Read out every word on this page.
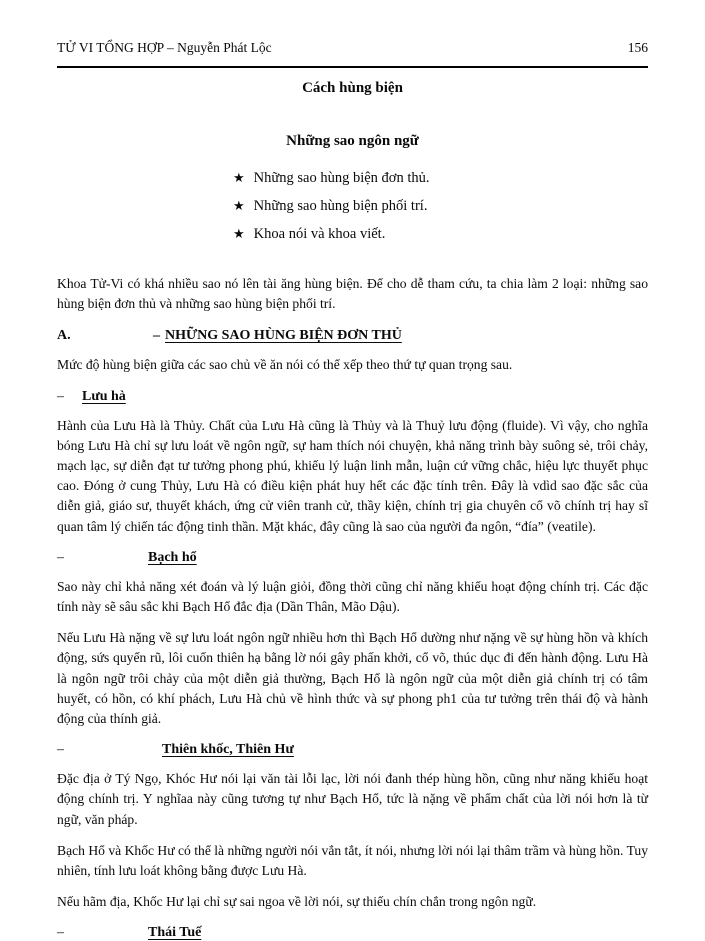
TỬ VI TỔNG HỢP – Nguyễn Phát Lộc	156
Cách hùng biện
Những sao ngôn ngữ
★ Những sao hùng biện đơn thủ.
★ Những sao hùng biện phối trí.
★ Khoa nói và khoa viết.

Khoa Tử-Vi có khá nhiều sao nó lên tài ăng hùng biện. Để cho dễ tham cứu, ta chia làm 2 loại: những sao hùng biện đơn thủ và những sao hùng biện phối trí.

A.	– NHỮNG SAO HÙNG BIỆN ĐƠN THỦ

Mức độ hùng biện giữa các sao chủ về ăn nói có thể xếp theo thứ tự quan trọng sau.

– Lưu hà

Hành của Lưu Hà là Thủy. Chất của Lưu Hà cũng là Thủy và là Thuỷ lưu động (fluide). Vì vậy, cho nghĩa bóng Lưu Hà chỉ sự lưu loát về ngôn ngữ, sự ham thích nói chuyện, khả năng trình bày suông sẻ, trôi chảy, mạch lạc, sự diễn đạt tư tưởng phong phú, khiếu lý luận linh mẫn, luận cứ vững chắc, hiệu lực thuyết phục cao. Đóng ở cung Thủy, Lưu Hà có điều kiện phát huy hết các đặc tính trên. Đây là vdìd sao đặc sắc của diễn giả, giáo sư, thuyết khách, ứng cử viên tranh cử, thầy kiện, chính trị gia chuyên cổ võ chính trị hay sĩ quan tâm lý chiến tác động tinh thần. Mặt khác, đây cũng là sao của người đa ngôn, “đía” (veatile).

–	Bạch hổ

Sao này chỉ khả năng xét đoán và lý luận giỏi, đồng thời cũng chỉ năng khiếu hoạt động chính trị. Các đặc tính này sẽ sâu sắc khi Bạch Hổ đắc địa (Dần Thân, Mão Dậu).

Nếu Lưu Hà nặng về sự lưu loát ngôn ngữ nhiều hơn thì Bạch Hổ dường như nặng về sự hùng hồn và khích động, sứs quyến rũ, lôi cuốn thiên hạ bằng lờ nói gây phấn khởi, cổ võ, thúc dục đi đến hành động. Lưu Hà là ngôn ngữ trôi chảy của một diễn giả thường, Bạch Hổ là ngôn ngữ của một diễn giả chính trị có tâm huyết, có hồn, có khí phách, Lưu Hà chủ về hình thức và sự phong ph1 của tư tưởng trên thái độ và hành động của thính giả.

–	Thiên khốc, Thiên Hư

Đặc địa ở Tý Ngọ, Khóc Hư nói lại văn tài lỗi lạc, lời nói đanh thép hùng hồn, cũng như năng khiếu hoạt động chính trị. Y nghĩaa này cũng tương tự như Bạch Hổ, tức là nặng về phẩm chất của lời nói hơn là từ ngữ, văn pháp.

Bạch Hổ và Khốc Hư có thể là những người nói vắn tắt, ít nói, nhưng lời nói lại thâm trầm và hùng hồn. Tuy nhiên, tính lưu loát không bằng được Lưu Hà.

Nếu hãm địa, Khốc Hư lại chỉ sự sai ngoa về lời nói, sự thiếu chín chắn trong ngôn ngữ.

–	Thái Tuế
